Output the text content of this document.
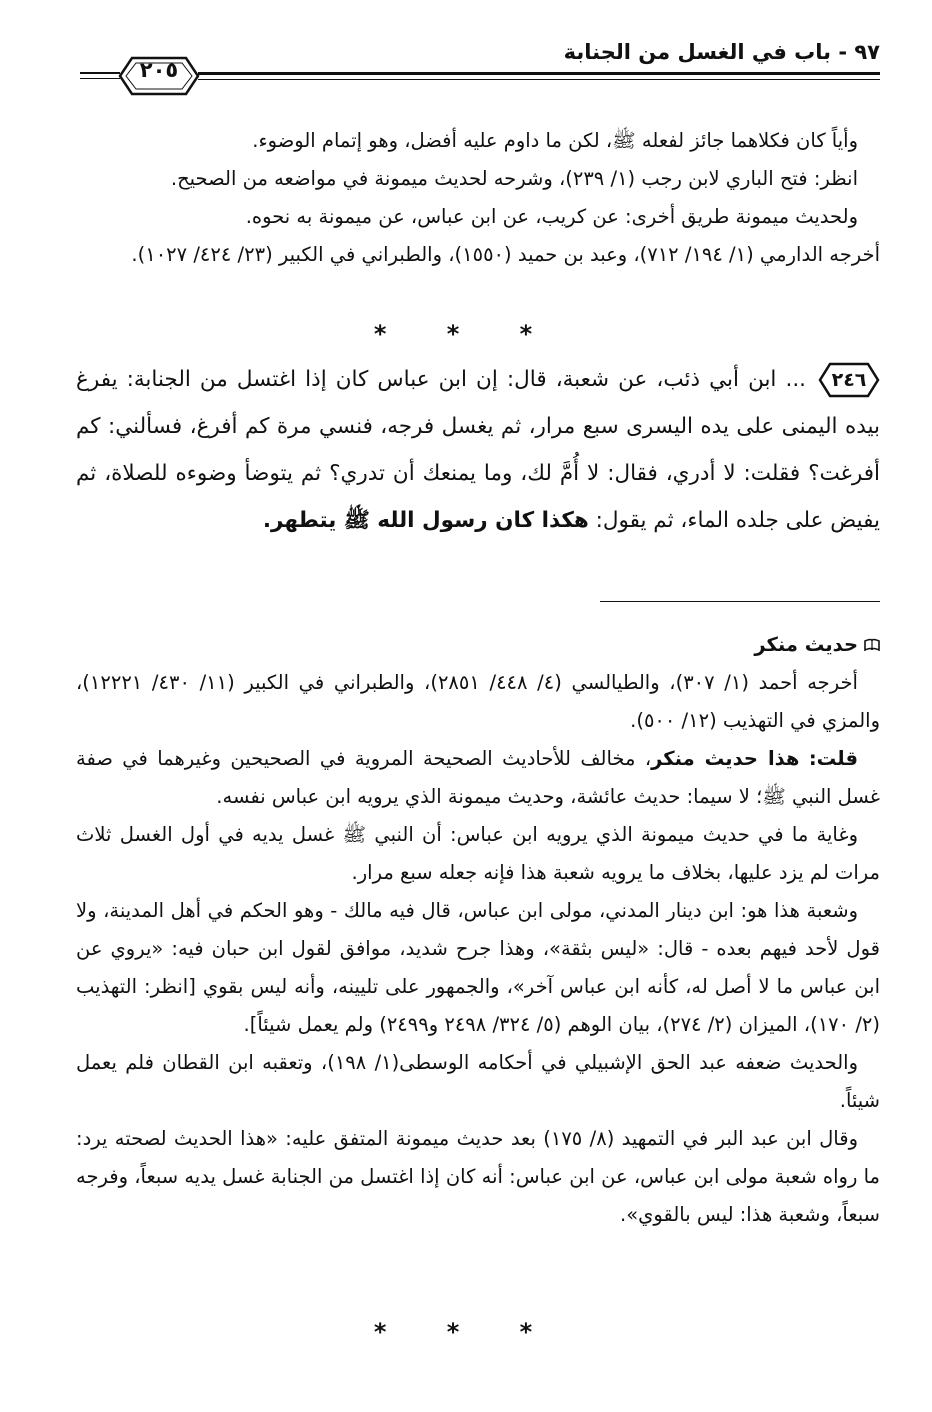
٩٧ - باب في الغسل من الجنابة
٢٠٥

وأياً كان فكلاهما جائز لفعله ﷺ، لكن ما داوم عليه أفضل، وهو إتمام الوضوء.

انظر: فتح الباري لابن رجب (١/ ٢٣٩)، وشرحه لحديث ميمونة في مواضعه من الصحيح.

ولحديث ميمونة طريق أخرى: عن كريب، عن ابن عباس، عن ميمونة به نحوه.

أخرجه الدارمي (١/ ١٩٤/ ٧١٢)، وعبد بن حميد (١٥٥٠)، والطبراني في الكبير (٢٣/ ٤٢٤/ ١٠٢٧).

* * *

٢٤٦
... ابن أبي ذئب، عن شعبة، قال: إن ابن عباس كان إذا اغتسل من الجنابة: يفرغ بيده اليمنى على يده اليسرى سبع مرار، ثم يغسل فرجه، فنسي مرة كم أفرغ، فسألني: كم أفرغت؟ فقلت: لا أدري، فقال: لا أُمَّ لك، وما يمنعك أن تدري؟ ثم يتوضأ وضوءه للصلاة، ثم يفيض على جلده الماء، ثم يقول: هكذا كان رسول الله ﷺ يتطهر.

حديث منكر

أخرجه أحمد (١/ ٣٠٧)، والطيالسي (٤/ ٤٤٨/ ٢٨٥١)، والطبراني في الكبير (١١/ ٤٣٠/ ١٢٢٢١)، والمزي في التهذيب (١٢/ ٥٠٠).

قلت: هذا حديث منكر، مخالف للأحاديث الصحيحة المروية في الصحيحين وغيرهما في صفة غسل النبي ﷺ؛ لا سيما: حديث عائشة، وحديث ميمونة الذي يرويه ابن عباس نفسه.

وغاية ما في حديث ميمونة الذي يرويه ابن عباس: أن النبي ﷺ غسل يديه في أول الغسل ثلاث مرات لم يزد عليها، بخلاف ما يرويه شعبة هذا فإنه جعله سبع مرار.

وشعبة هذا هو: ابن دينار المدني، مولى ابن عباس، قال فيه مالك - وهو الحكم في أهل المدينة، ولا قول لأحد فيهم بعده - قال: «ليس بثقة»، وهذا جرح شديد، موافق لقول ابن حبان فيه: «يروي عن ابن عباس ما لا أصل له، كأنه ابن عباس آخر»، والجمهور على تليينه، وأنه ليس بقوي [انظر: التهذيب (٢/ ١٧٠)، الميزان (٢/ ٢٧٤)، بيان الوهم (٥/ ٣٢٤/ ٢٤٩٨ و٢٤٩٩) ولم يعمل شيئاً].

والحديث ضعفه عبد الحق الإشبيلي في أحكامه الوسطى(١/ ١٩٨)، وتعقبه ابن القطان فلم يعمل شيئاً.

وقال ابن عبد البر في التمهيد (٨/ ١٧٥) بعد حديث ميمونة المتفق عليه: «هذا الحديث لصحته يرد: ما رواه شعبة مولى ابن عباس، عن ابن عباس: أنه كان إذا اغتسل من الجنابة غسل يديه سبعاً، وفرجه سبعاً، وشعبة هذا: ليس بالقوي».

* * *
